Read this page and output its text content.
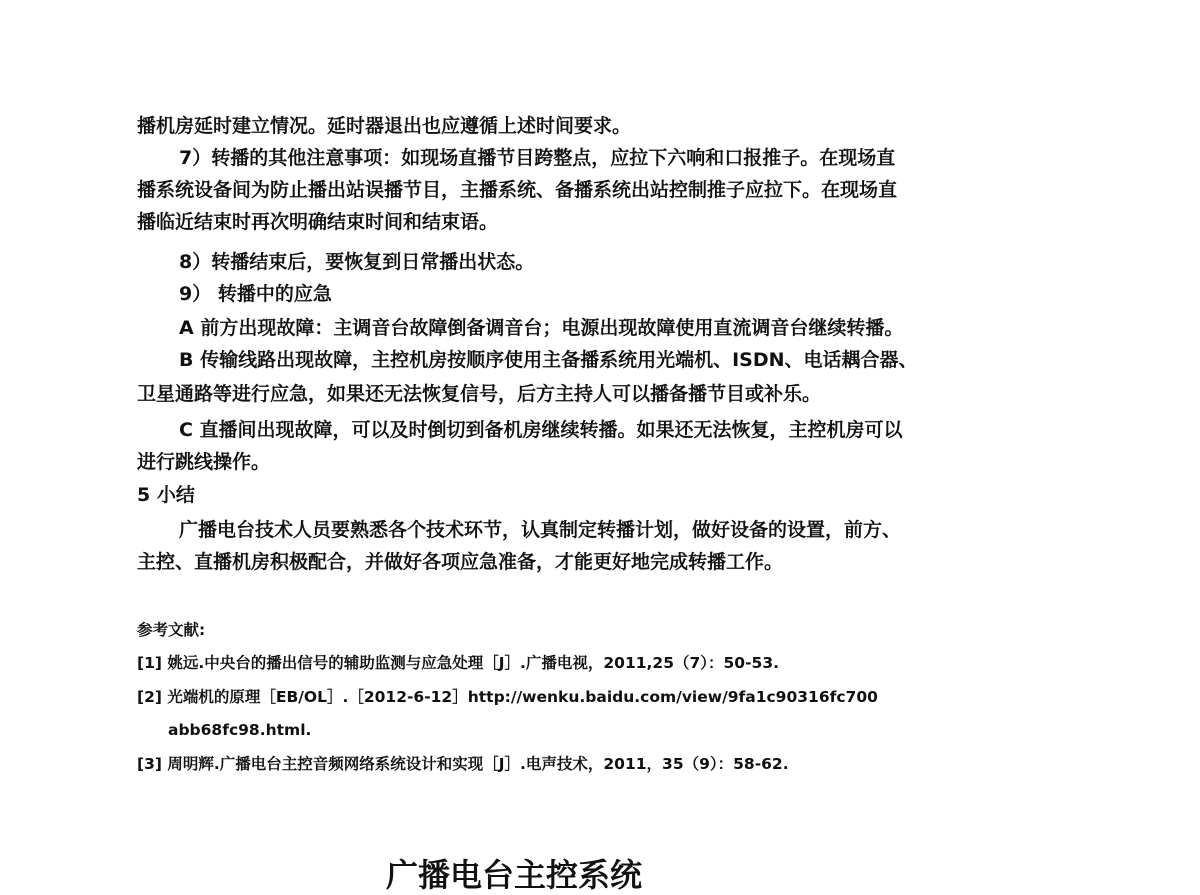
播机房延时建立情况。延时器退出也应遵循上述时间要求。
7）转播的其他注意事项：如现场直播节目跨整点，应拉下六响和口报推子。在现场直
播系统设备间为防止播出站误播节目，主播系统、备播系统出站控制推子应拉下。在现场直
播临近结束时再次明确结束时间和结束语。
8）转播结束后，要恢复到日常播出状态。
9） 转播中的应急
A 前方出现故障：主调音台故障倒备调音台；电源出现故障使用直流调音台继续转播。
B 传输线路出现故障，主控机房按顺序使用主备播系统用光端机、ISDN、电话耦合器、
卫星通路等进行应急，如果还无法恢复信号，后方主持人可以播备播节目或补乐。
C 直播间出现故障，可以及时倒切到备机房继续转播。如果还无法恢复，主控机房可以
进行跳线操作。
5 小结
广播电台技术人员要熟悉各个技术环节，认真制定转播计划，做好设备的设置，前方、
主控、直播机房积极配合，并做好各项应急准备，才能更好地完成转播工作。
参考文献:
[1] 姚远.中央台的播出信号的辅助监测与应急处理［J］.广播电视，2011,25（7）：50-53.
[2] 光端机的原理［EB/OL］.［2012-6-12］http://wenku.baidu.com/view/9fa1c90316fc700
abb68fc98.html.
[3] 周明辉.广播电台主控音频网络系统设计和实现［J］.电声技术，2011，35（9）：58-62.
广播电台主控系统
